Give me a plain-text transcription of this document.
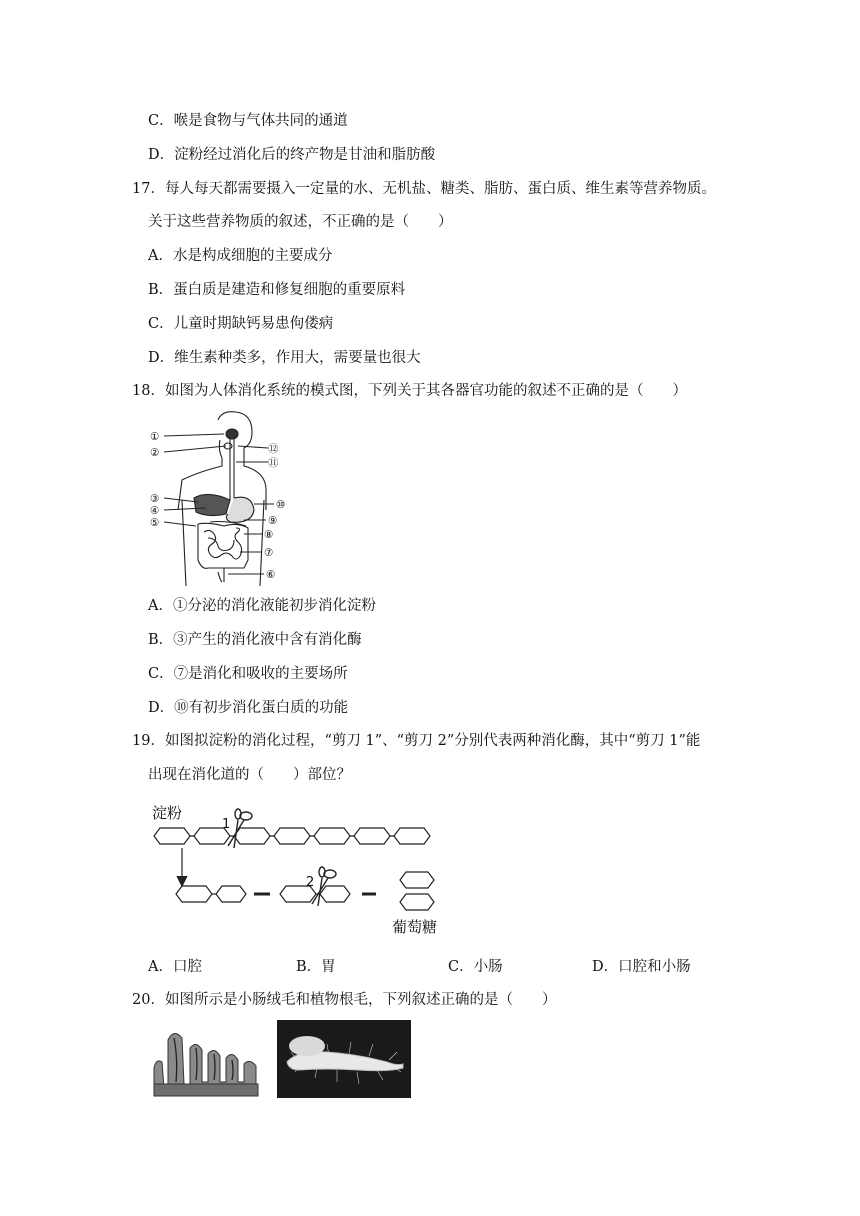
C．喉是食物与气体共同的通道
D．淀粉经过消化后的终产物是甘油和脂肪酸
17．每人每天都需要摄入一定量的水、无机盐、糖类、脂肪、蛋白质、维生素等营养物质。
关于这些营养物质的叙述，不正确的是（　　）
A．水是构成细胞的主要成分
B．蛋白质是建造和修复细胞的重要原料
C．儿童时期缺钙易患佝偻病
D．维生素种类多，作用大，需要量也很大
18．如图为人体消化系统的模式图，下列关于其各器官功能的叙述不正确的是（　　）
①
②
③
④
⑤
⑫
⑪
⑩
⑨
⑧
⑦
⑥
A．①分泌的消化液能初步消化淀粉
B．③产生的消化液中含有消化酶
C．⑦是消化和吸收的主要场所
D．⑩有初步消化蛋白质的功能
19．如图拟淀粉的消化过程，“剪刀 1”、“剪刀 2”分别代表两种消化酶，其中“剪刀 1”能
出现在消化道的（　　）部位？
淀粉
1
2
葡萄糖
A．口腔	B．胃	C．小肠	D．口腔和小肠
20．如图所示是小肠绒毛和植物根毛，下列叙述正确的是（　　）
